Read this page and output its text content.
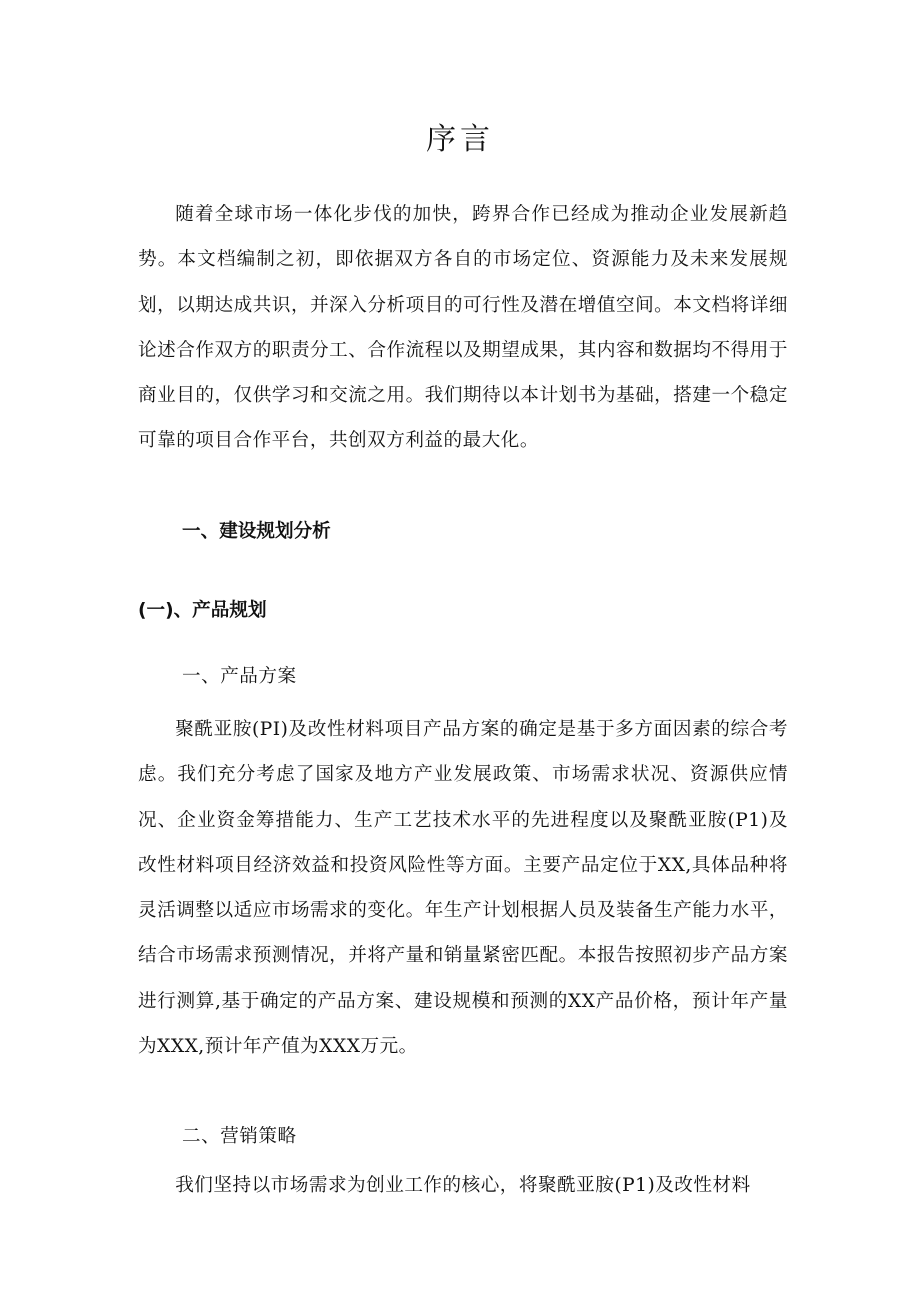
序言

随着全球市场一体化步伐的加快，跨界合作已经成为推动企业发展新趋势。本文档编制之初，即依据双方各自的市场定位、资源能力及未来发展规划，以期达成共识，并深入分析项目的可行性及潜在增值空间。本文档将详细论述合作双方的职责分工、合作流程以及期望成果，其内容和数据均不得用于商业目的，仅供学习和交流之用。我们期待以本计划书为基础，搭建一个稳定可靠的项目合作平台，共创双方利益的最大化。

一、建设规划分析
(一)、产品规划
一、产品方案

聚酰亚胺(PI)及改性材料项目产品方案的确定是基于多方面因素的综合考虑。我们充分考虑了国家及地方产业发展政策、市场需求状况、资源供应情况、企业资金筹措能力、生产工艺技术水平的先进程度以及聚酰亚胺(P1)及改性材料项目经济效益和投资风险性等方面。主要产品定位于XX,具体品种将灵活调整以适应市场需求的变化。年生产计划根据人员及装备生产能力水平，结合市场需求预测情况，并将产量和销量紧密匹配。本报告按照初步产品方案进行测算,基于确定的产品方案、建设规模和预测的XX产品价格，预计年产量为XXX,预计年产值为XXX万元。

二、营销策略

我们坚持以市场需求为创业工作的核心，将聚酰亚胺(P1)及改性材料
